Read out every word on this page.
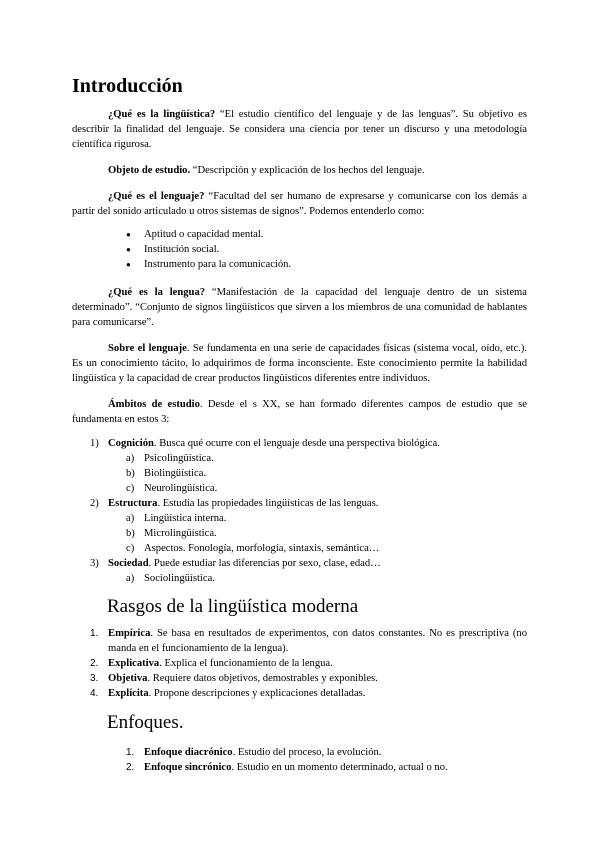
Introducción

¿Qué es la lingüística? “El estudio científico del lenguaje y de las lenguas”. Su objetivo es describir la finalidad del lenguaje. Se considera una ciencia por tener un discurso y una metodología científica rigurosa.

Objeto de estudio. “Descripción y explicación de los hechos del lenguaje.

¿Qué es el lenguaje? “Facultad del ser humano de expresarse y comunicarse con los demás a partir del sonido articulado u otros sistemas de signos”. Podemos entenderlo como:

● Aptitud o capacidad mental.
● Institución social.
● Instrumento para la comunicación.

¿Qué es la lengua? “Manifestación de la capacidad del lenguaje dentro de un sistema determinado”. “Conjunto de signos lingüísticos que sirven a los miembros de una comunidad de hablantes para comunicarse”.

Sobre el lenguaje. Se fundamenta en una serie de capacidades físicas (sistema vocal, oído, etc.). Es un conocimiento tácito, lo adquirimos de forma inconsciente. Este conocimiento permite la habilidad lingüística y la capacidad de crear productos lingüísticos diferentes entre individuos.

Ámbitos de estudio. Desde el s XX, se han formado diferentes campos de estudio que se fundamenta en estos 3:

1) Cognición. Busca qué ocurre con el lenguaje desde una perspectiva biológica.
a) Psicolingüística.
b) Biolingüística.
c) Neurolingüística.
2) Estructura. Estudia las propiedades lingüísticas de las lenguas.
a) Lingüística interna.
b) Microlingüística.
c) Aspectos. Fonología, morfología, sintaxis, semántica…
3) Sociedad. Puede estudiar las diferencias por sexo, clase, edad…
a) Sociolingüística.
Rasgos de la lingüística moderna
1. Empírica. Se basa en resultados de experimentos, con datos constantes. No es prescriptiva (no manda en el funcionamiento de la lengua).
2. Explicativa. Explica el funcionamiento de la lengua.
3. Objetiva. Requiere datos objetivos, demostrables y exponibles.
4. Explícita. Propone descripciones y explicaciones detalladas.
Enfoques.
1. Enfoque diacrónico. Estudio del proceso, la evolución.
2. Enfoque sincrónico. Estudio en un momento determinado, actual o no.
